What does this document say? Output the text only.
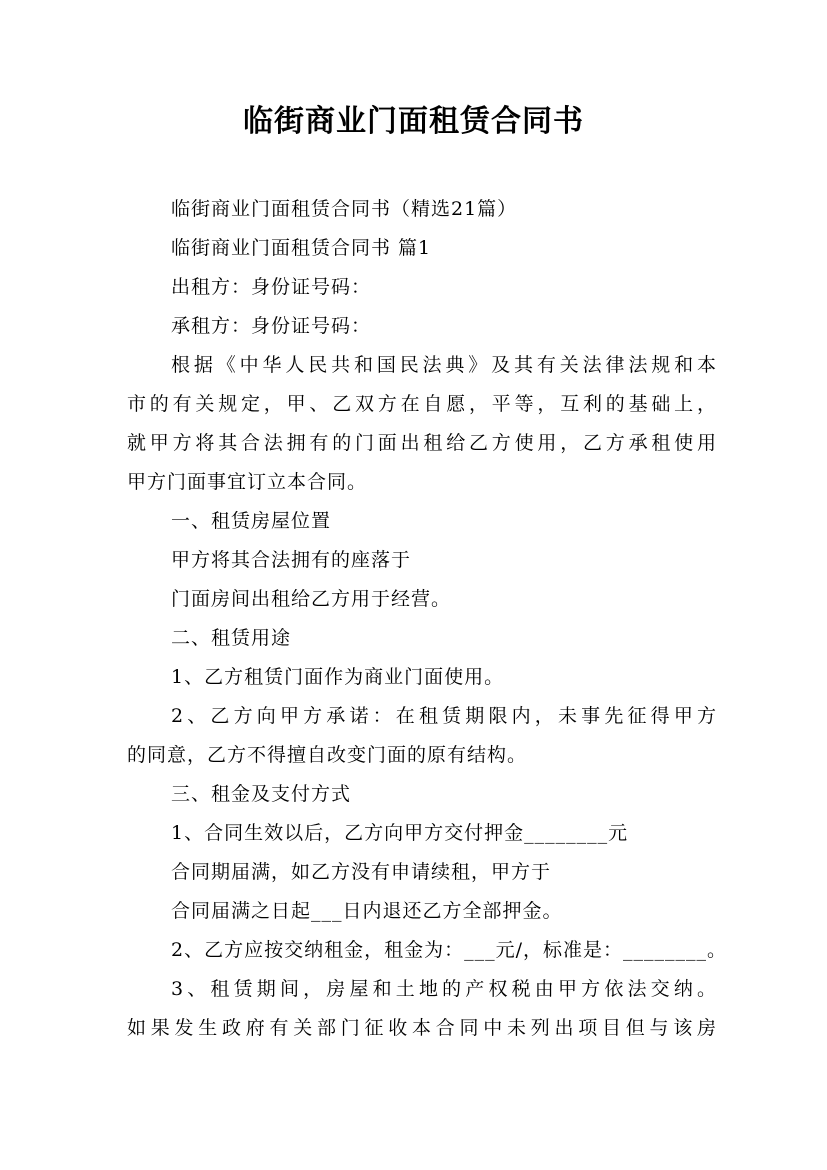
临街商业门面租赁合同书
临街商业门面租赁合同书（精选21篇）
临街商业门面租赁合同书 篇1
出租方：身份证号码：
承租方：身份证号码：
根据《中华人民共和国民法典》及其有关法律法规和本
市的有关规定，甲、乙双方在自愿，平等，互利的基础上，
就甲方将其合法拥有的门面出租给乙方使用，乙方承租使用
甲方门面事宜订立本合同。
一、租赁房屋位置
甲方将其合法拥有的座落于
门面房间出租给乙方用于经营。
二、租赁用途
1、乙方租赁门面作为商业门面使用。
2、乙方向甲方承诺：在租赁期限内，未事先征得甲方
的同意，乙方不得擅自改变门面的原有结构。
三、租金及支付方式
1、合同生效以后，乙方向甲方交付押金________元
合同期届满，如乙方没有申请续租，甲方于
合同届满之日起___日内退还乙方全部押金。
2、乙方应按交纳租金，租金为：___元/，标准是：________。
3、租赁期间，房屋和土地的产权税由甲方依法交纳。
如果发生政府有关部门征收本合同中未列出项目但与该房
